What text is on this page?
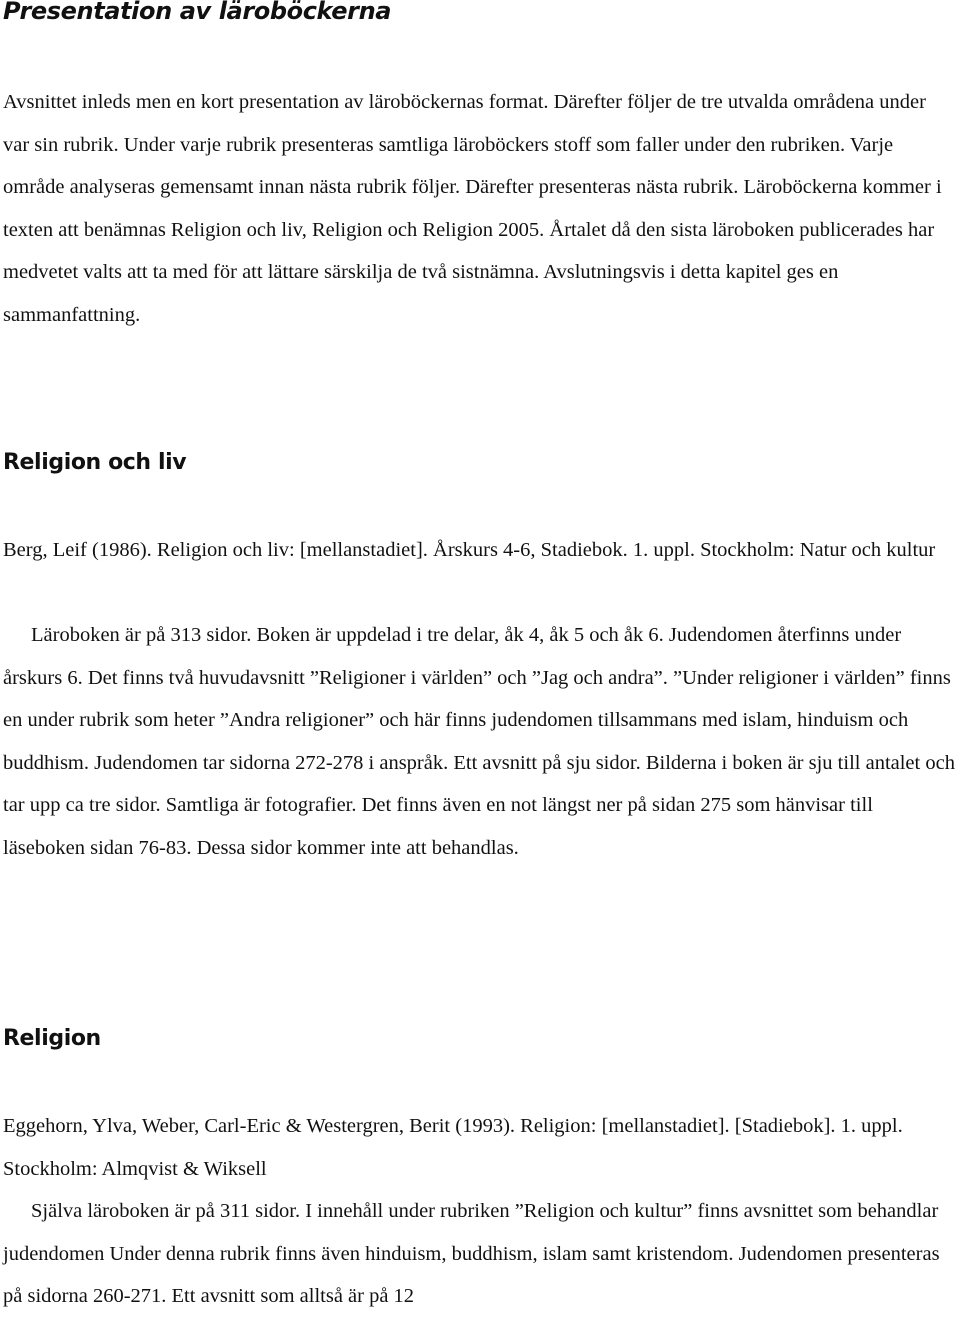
Presentation av läroböckerna

Avsnittet inleds men en kort presentation av läroböckernas format. Därefter följer de tre utvalda områdena under var sin rubrik. Under varje rubrik presenteras samtliga läroböckers stoff som faller under den rubriken. Varje område analyseras gemensamt innan nästa rubrik följer. Därefter presenteras nästa rubrik. Läroböckerna kommer i texten att benämnas Religion och liv, Religion och Religion 2005. Årtalet då den sista läroboken publicerades har medvetet valts att ta med för att lättare särskilja de två sistnämna. Avslutningsvis i detta kapitel ges en sammanfattning.

Religion och liv

Berg, Leif (1986). Religion och liv: [mellanstadiet]. Årskurs 4-6, Stadiebok. 1. uppl. Stockholm: Natur och kultur

Läroboken är på 313 sidor. Boken är uppdelad i tre delar, åk 4, åk 5 och åk 6. Judendomen återfinns under årskurs 6. Det finns två huvudavsnitt ”Religioner i världen” och ”Jag och andra”. ”Under religioner i världen” finns en under rubrik som heter ”Andra religioner” och här finns judendomen tillsammans med islam, hinduism och buddhism. Judendomen tar sidorna 272-278 i anspråk. Ett avsnitt på sju sidor. Bilderna i boken är sju till antalet och tar upp ca tre sidor. Samtliga är fotografier. Det finns även en not längst ner på sidan 275 som hänvisar till läseboken sidan 76-83. Dessa sidor kommer inte att behandlas.

Religion

Eggehorn, Ylva, Weber, Carl-Eric & Westergren, Berit (1993). Religion: [mellanstadiet]. [Stadiebok]. 1. uppl. Stockholm: Almqvist & Wiksell

Själva läroboken är på 311 sidor. I innehåll under rubriken ”Religion och kultur” finns avsnittet som behandlar judendomen Under denna rubrik finns även hinduism, buddhism, islam samt kristendom. Judendomen presenteras på sidorna 260-271. Ett avsnitt som alltså är på 12
